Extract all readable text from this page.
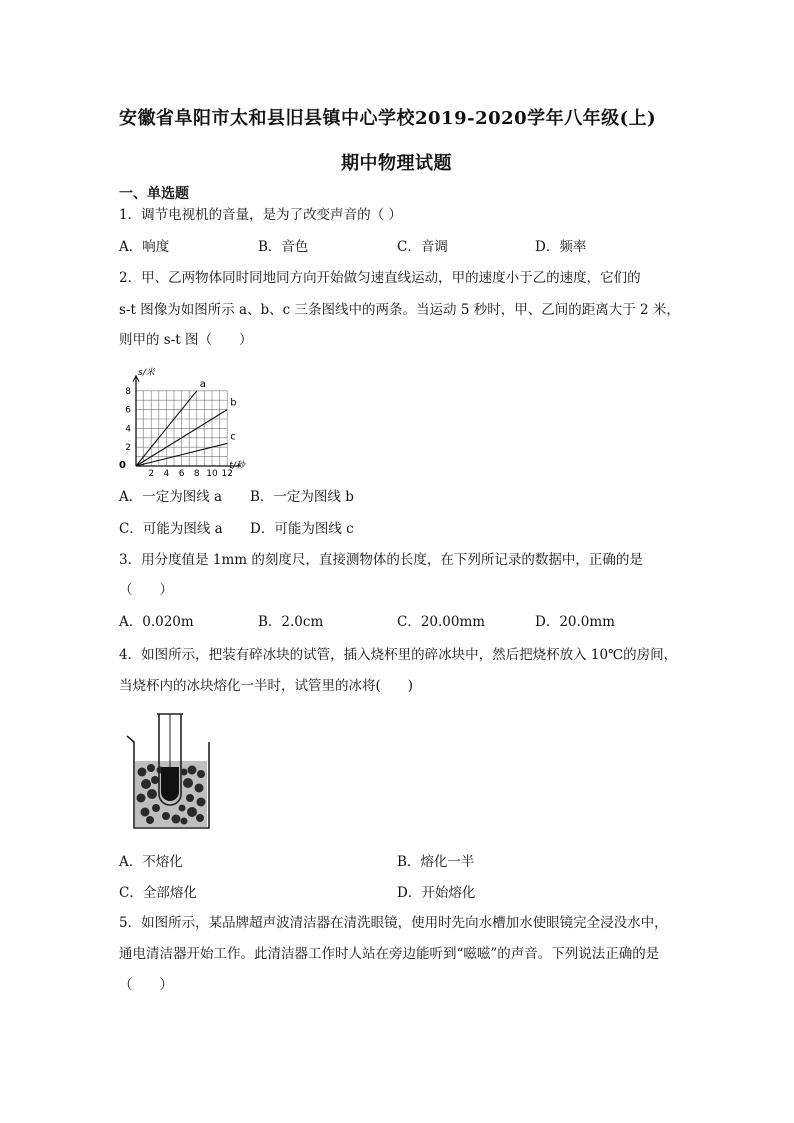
安徽省阜阳市太和县旧县镇中心学校2019-2020学年八年级(上)
期中物理试题
一、单选题
1．调节电视机的音量，是为了改变声音的（ ）
A．响度	B．音色	C．音调	D．频率
2．甲、乙两物体同时同地同方向开始做匀速直线运动，甲的速度小于乙的速度，它们的
s-t 图像为如图所示 a、b、c 三条图线中的两条。当运动 5 秒时，甲、乙间的距离大于 2 米，
则甲的 s-t 图（　　）
2 4 6 8 10 12
2
4
6
8
0
s/米
t/秒
a
b
c
A．一定为图线 a B．一定为图线 b
C．可能为图线 a D．可能为图线 c
3．用分度值是 1mm 的刻度尺，直接测物体的长度，在下列所记录的数据中，正确的是
（　　）
A．0.020m	B．2.0cm	C．20.00mm	D．20.0mm
4．如图所示，把装有碎冰块的试管，插入烧杯里的碎冰块中，然后把烧杯放入 10℃的房间，
当烧杯内的冰块熔化一半时，试管里的冰将(　　)
A．不熔化	B．熔化一半
C．全部熔化	D．开始熔化
5．如图所示，某品牌超声波清洁器在清洗眼镜，使用时先向水槽加水使眼镜完全浸没水中，
通电清洁器开始工作。此清洁器工作时人站在旁边能听到“嗞嗞”的声音。下列说法正确的是
（　　）
